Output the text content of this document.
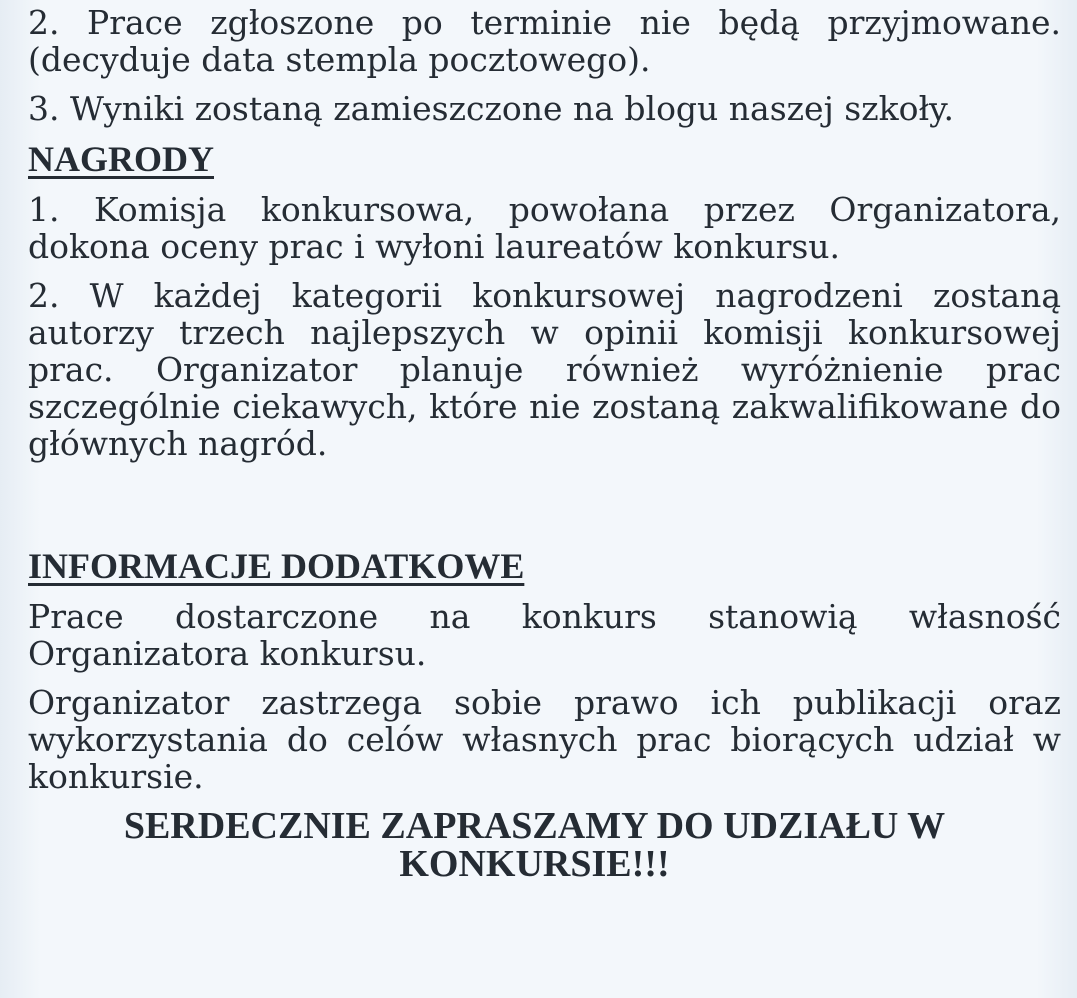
2. Prace zgłoszone po terminie nie będą przyjmowane. (decyduje data stempla pocztowego).

3. Wyniki zostaną zamieszczone na blogu naszej szkoły.

NAGRODY

1. Komisja konkursowa, powołana przez Organizatora, dokona oceny prac i wyłoni laureatów konkursu.

2. W każdej kategorii konkursowej nagrodzeni zostaną autorzy trzech najlepszych w opinii komisji konkursowej prac. Organizator planuje również wyróżnienie prac szczególnie ciekawych, które nie zostaną zakwalifikowane do głównych nagród.

INFORMACJE DODATKOWE

Prace dostarczone na konkurs stanowią własność Organizatora konkursu.

Organizator zastrzega sobie prawo ich publikacji oraz wykorzystania do celów własnych prac biorących udział w konkursie.

SERDECZNIE ZAPRASZAMY DO UDZIAŁU W
KONKURSIE!!!
